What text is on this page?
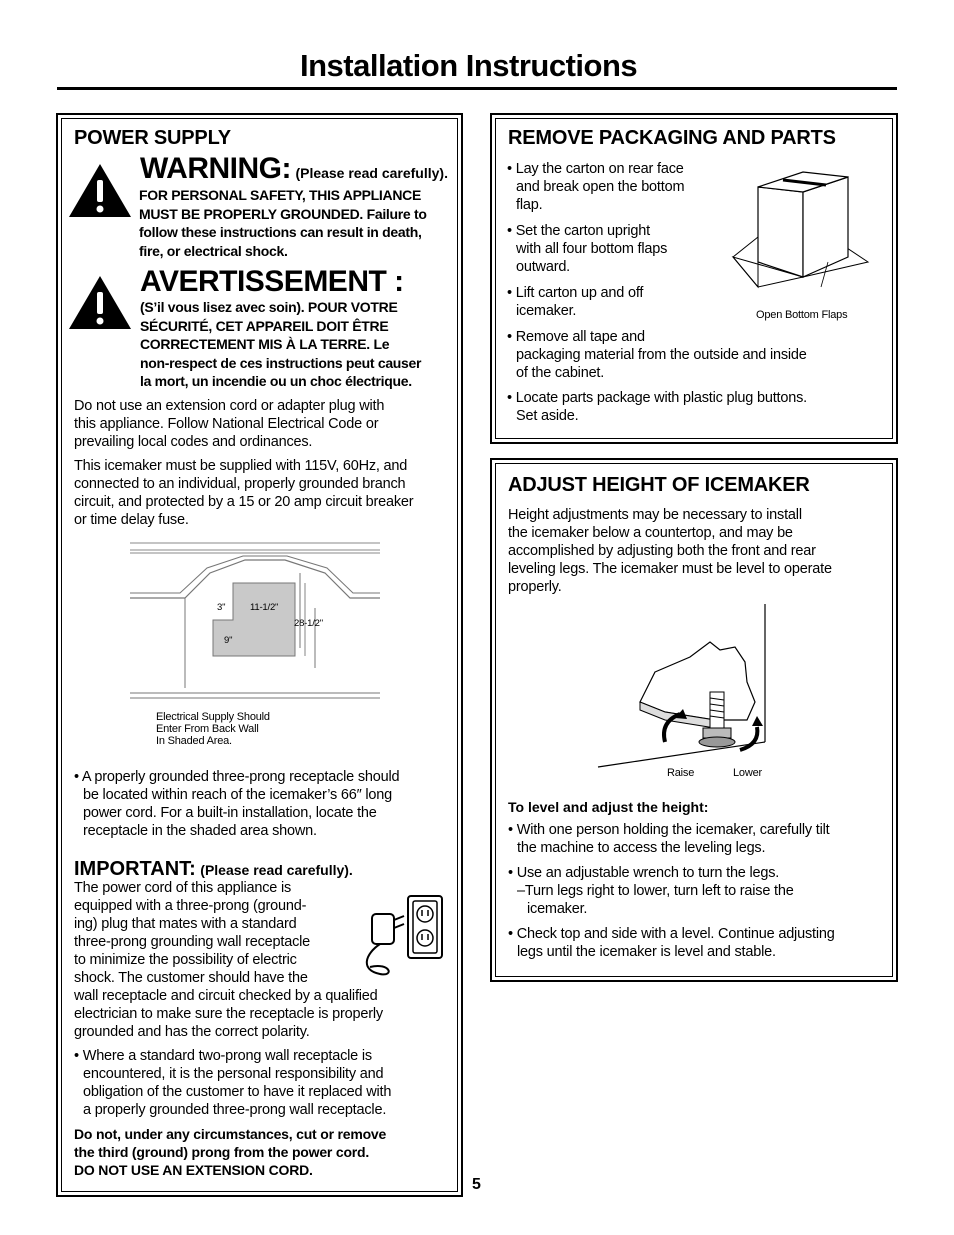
Installation Instructions
POWER SUPPLY
WARNING: (Please read carefully).
FOR PERSONAL SAFETY, THIS APPLIANCE
MUST BE PROPERLY GROUNDED. Failure to
follow these instructions can result in death,
fire, or electrical shock.
AVERTISSEMENT :
(S’il vous lisez avec soin). POUR VOTRE
SÉCURITÉ, CET APPAREIL DOIT ÊTRE
CORRECTEMENT MIS À LA TERRE. Le
non-respect de ces instructions peut causer
la mort, un incendie ou un choc électrique.
Do not use an extension cord or adapter plug with
this appliance. Follow National Electrical Code or
prevailing local codes and ordinances.
This icemaker must be supplied with 115V, 60Hz, and
connected to an individual, properly grounded branch
circuit, and protected by a 15 or 20 amp circuit breaker
or time delay fuse.
3"	11-1/2"
28-1/2"
9"
Electrical Supply Should
Enter From Back Wall
In Shaded Area.

• A properly grounded three-prong receptacle should

be located within reach of the icemaker’s 66″ long

power cord. For a built-in installation, locate the

receptacle in the shaded area shown.

IMPORTANT: (Please read carefully).
The power cord of this appliance is
equipped with a three-prong (ground-
ing) plug that mates with a standard
three-prong grounding wall receptacle
to minimize the possibility of electric
shock. The customer should have the
wall receptacle and circuit checked by a qualified
electrician to make sure the receptacle is properly
grounded and has the correct polarity.

• Where a standard two-prong wall receptacle is

encountered, it is the personal responsibility and

obligation of the customer to have it replaced with

a properly grounded three-prong wall receptacle.

Do not, under any circumstances, cut or remove
the third (ground) prong from the power cord.
DO NOT USE AN EXTENSION CORD.
5
REMOVE PACKAGING AND PARTS

• Lay the carton on rear face

and break open the bottom

flap.

• Set the carton upright

with all four bottom flaps

outward.

• Lift carton up and off

icemaker.	Open Bottom Flaps

• Remove all tape and

packaging material from the outside and inside

of the cabinet.

• Locate parts package with plastic plug buttons.

Set aside.

ADJUST HEIGHT OF ICEMAKER
Height adjustments may be necessary to install
the icemaker below a countertop, and may be
accomplished by adjusting both the front and rear
leveling legs. The icemaker must be level to operate
properly.
Raise	Lower
To level and adjust the height:

• With one person holding the icemaker, carefully tilt

the machine to access the leveling legs.

• Use an adjustable wrench to turn the legs.

–Turn legs right to lower, turn left to raise the

icemaker.

• Check top and side with a level. Continue adjusting

legs until the icemaker is level and stable.
